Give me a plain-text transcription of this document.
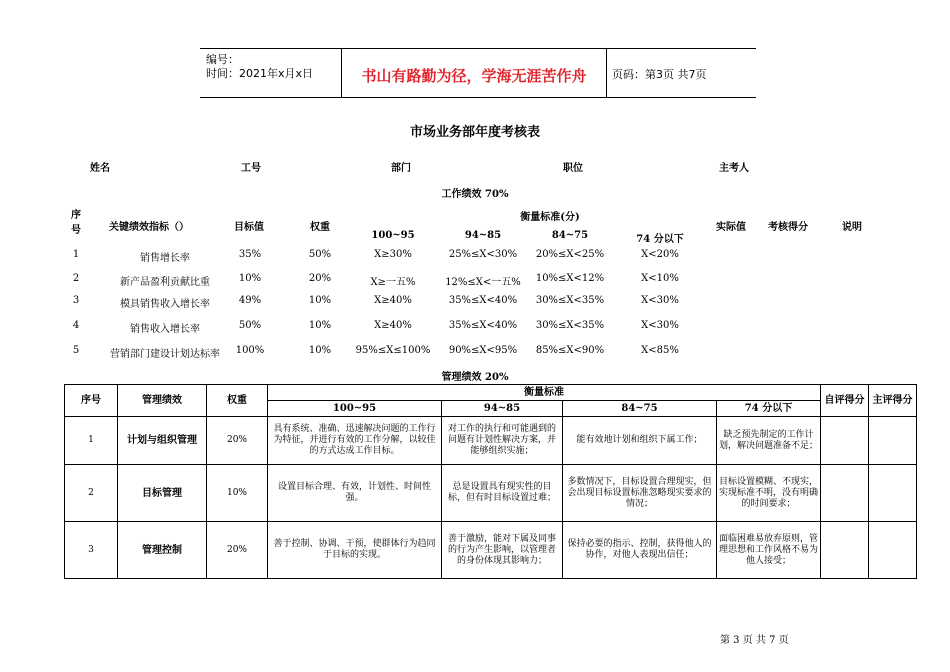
编号：
时间：2021年x月x日	书山有路勤为径，学海无涯苦作舟	页码：第3页 共7页
市场业务部年度考核表
姓名	工号	部门	职位	主考人
工作绩效 70%
序号	关键绩效指标（）	目标值	权重
衡量标准(分)
实际值 考核得分	说明
100~95	94~85	84~75	74 分以下
1	销售增长率	35%	50%	X≥30%	25%≤X<30%	20%≤X<25%	X<20%
2	新产品盈利贡献比重	10%	20%	X≥一五%	12%≤X<一五%	10%≤X<12%	X<10%
3	模具销售收入增长率	49%	10%	X≥40%	35%≤X<40%	30%≤X<35%	X<30%
4	销售收入增长率	50%	10%	X≥40%	35%≤X<40%	30%≤X<35%	X<30%
5	营销部门建设计划达标率	100%	10%	95%≤X≤100%	90%≤X<95%	85%≤X<90%	X<85%
管理绩效 20%
序号	管理绩效	权重	衡量标准				自评得分	主评得分
			100~95	94~85	84~75	74 分以下		
1	计划与组织管理	20%	具有系统、准确、迅速解决问题的工作行为特征，并进行有效的工作分解，以较佳的方式达成工作目标。	对工作的执行和可能遇到的问题有计划性解决方案，并能够组织实施；	能有效地计划和组织下属工作；	缺乏预先制定的工作计划，解决问题准备不足；		
2	目标管理	10%	设置目标合理、有效，计划性、时间性强。	总是设置具有现实性的目标，但有时目标设置过难；	多数情况下，目标设置合理现实，但会出现目标设置标准忽略现实要求的情况；	目标设置模糊、不现实，实现标准不明，没有明确的时间要求；		
3	管理控制	20%	善于控制、协调、干预，使群体行为趋同于目标的实现。	善于激励，能对下属及同事的行为产生影响，以管理者的身份体现其影响力；	保持必要的指示、控制，获得他人的协作，对他人表现出信任；	面临困难易放弃原则，管理思想和工作风格不易为他人接受；		
第 3 页 共 7 页
